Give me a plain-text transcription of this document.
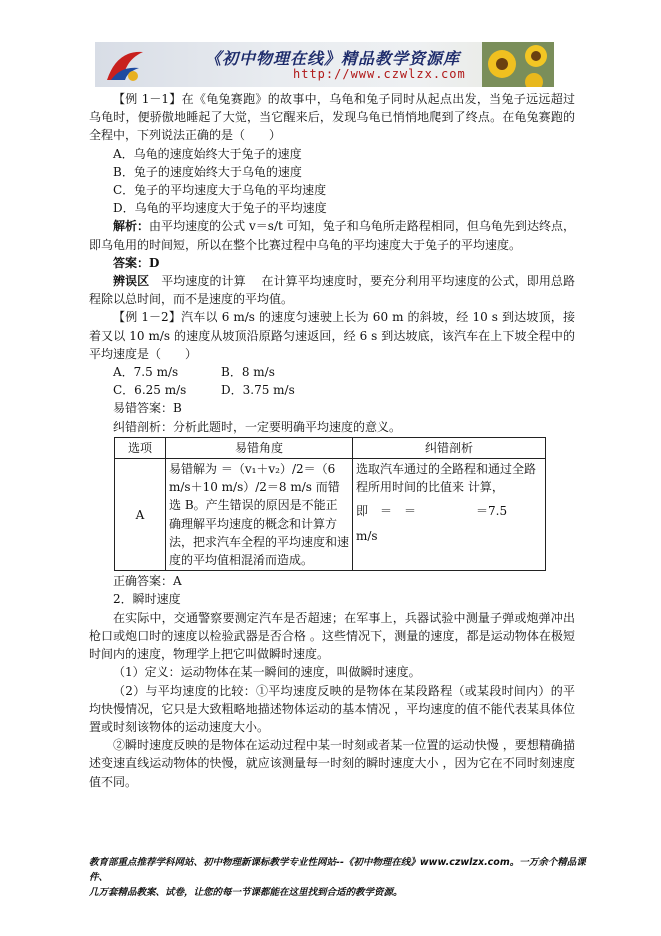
《初中物理在线》精品教学资源库
http://www.czwlzx.com

【例 1－1】在《龟兔赛跑》的故事中，乌龟和兔子同时从起点出发，当兔子远远超过乌龟时，便骄傲地睡起了大觉，当它醒来后，发现乌龟已悄悄地爬到了终点。在龟兔赛跑的全程中，下列说法正确的是（　　）

A．乌龟的速度始终大于兔子的速度

B．兔子的速度始终大于乌龟的速度

C．兔子的平均速度大于乌龟的平均速度

D．乌龟的平均速度大于兔子的平均速度

解析：由平均速度的公式 v＝s/t 可知，兔子和乌龟所走路程相同，但乌龟先到达终点，即乌龟用的时间短，所以在整个比赛过程中乌龟的平均速度大于兔子的平均速度。

答案：D

辨误区　平均速度的计算　 在计算平均速度时，要充分利用平均速度的公式，即用总路程除以总时间，而不是速度的平均值。

【例 1－2】汽车以 6 m/s 的速度匀速驶上长为 60 m 的斜坡，经 10 s 到达坡顶，接着又以 10 m/s 的速度从坡顶沿原路匀速返回，经 6 s 到达坡底，该汽车在上下坡全程中的平均速度是（　　）

A．7.5 m/s	B．8 m/s

C．6.25 m/s	D．3.75 m/s

易错答案：B

纠错剖析：分析此题时，一定要明确平均速度的意义。

选项	易错角度	纠错剖析
A	易错解为 ＝（v₁＋v₂）/2＝（6 m/s＋10 m/s）/2＝8 m/s 而错选 B。产生错误的原因是不能正确理解平均速度的概念和计算方法，把求汽车全程的平均速度和速度的平均值相混淆而造成。	选取汽车通过的全路程和通过全路程所用时间的比值来 计算，
即　＝　＝　　　　　＝7.5
m/s

正确答案：A

2．瞬时速度

在实际中，交通警察要测定汽车是否超速；在军事上，兵器试验中测量子弹或炮弹冲出枪口或炮口时的速度以检验武器是否合格 。这些情况下，测量的速度，都是运动物体在极短时间内的速度，物理学上把它叫做瞬时速度。

（1）定义：运动物体在某一瞬间的速度，叫做瞬时速度。

（2）与平均速度的比较：①平均速度反映的是物体在某段路程（或某段时间内）的平均快慢情况，它只是大致粗略地描述物体运动的基本情况 ，平均速度的值不能代表某具体位置或时刻该物体的运动速度大小。

②瞬时速度反映的是物体在运动过程中某一时刻或者某一位置的运动快慢 ，要想精确描述变速直线运动物体的快慢，就应该测量每一时刻的瞬时速度大小 ，因为它在不同时刻速度值不同。

教育部重点推荐学科网站、初中物理新课标教学专业性网站--《初中物理在线》www.czwlzx.com。一万余个精品课件、
几万套精品教案、试卷，让您的每一节课都能在这里找到合适的教学资源。
